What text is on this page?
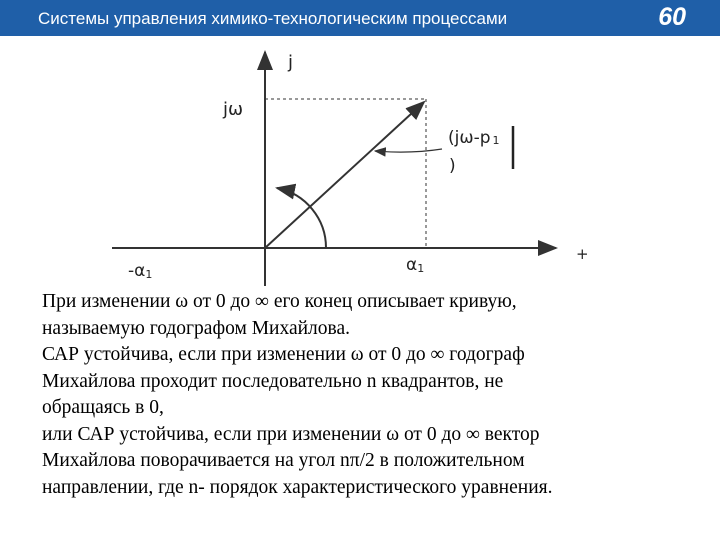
Системы управления химико-технологическим процессами	60
j
jω
(jω-p 1
)
+
-α1	α1

При изменении ω от 0 до ∞ его конец описывает кривую,

называемую годографом Михайлова.

САР устойчива, если при изменении ω от 0 до ∞ годограф

Михайлова проходит последовательно n квадрантов, не

обращаясь в 0,

или САР устойчива, если при изменении ω от 0 до ∞ вектор

Михайлова поворачивается на угол nπ/2 в положительном

направлении, где n- порядок характеристического уравнения.
